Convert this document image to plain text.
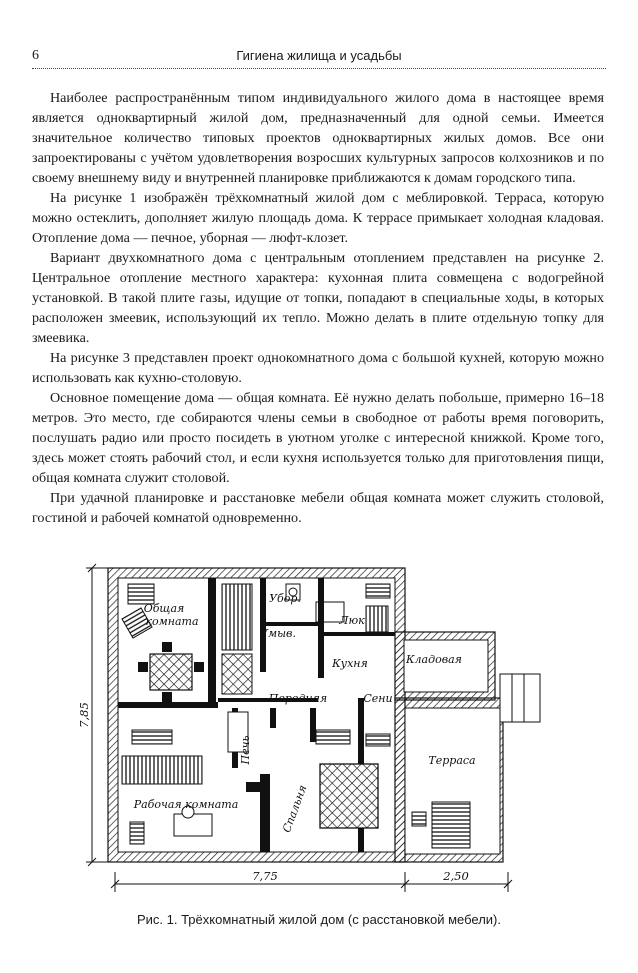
6	Гигиена жилища и усадьбы

Наиболее распространённым типом индивидуального жилого дома в настоящее время является одноквартирный жилой дом, предназначенный для одной семьи. Имеется значительное количество типовых проектов одноквартирных жилых домов. Все они запроектированы с учётом удовлетворения возросших культурных запросов колхозников и по своему внешнему виду и внутренней планировке приближаются к домам городского типа.

На рисунке 1 изображён трёхкомнатный жилой дом с меблировкой. Терраса, которую можно остеклить, дополняет жилую площадь дома. К террасе примыкает холодная кладовая. Отопление дома — печное, уборная — люфт-клозет.

Вариант двухкомнатного дома с центральным отоплением представлен на рисунке 2. Центральное отопление местного характера: кухонная плита совмещена с водогрейной установкой. В такой плите газы, идущие от топки, попадают в специальные ходы, в которых расположен змеевик, использующий их тепло. Можно делать в плите отдельную топку для змеевика.

На рисунке 3 представлен проект однокомнатного дома с большой кухней, которую можно использовать как кухню-столовую.

Основное помещение дома — общая комната. Её нужно делать побольше, примерно 16–18 метров. Это место, где собираются члены семьи в свободное от работы время поговорить, послушать радио или просто посидеть в уютном уголке с интересной книжкой. Кроме того, здесь может стоять рабочий стол, и если кухня используется только для приготовления пищи, общая комната служит столовой.

При удачной планировке и расстановке мебели общая комната может служить столовой, гостиной и рабочей комнатой одновременно.

7,85
7,75	2,50
Общая
комната
Убор.
Умыв.
Люк
Кухня	Кладовая
Передняя	Сени
Печь	Терраса
Рабочая комната	Спальня
Рис. 1. Трёхкомнатный жилой дом (с расстановкой мебели).
